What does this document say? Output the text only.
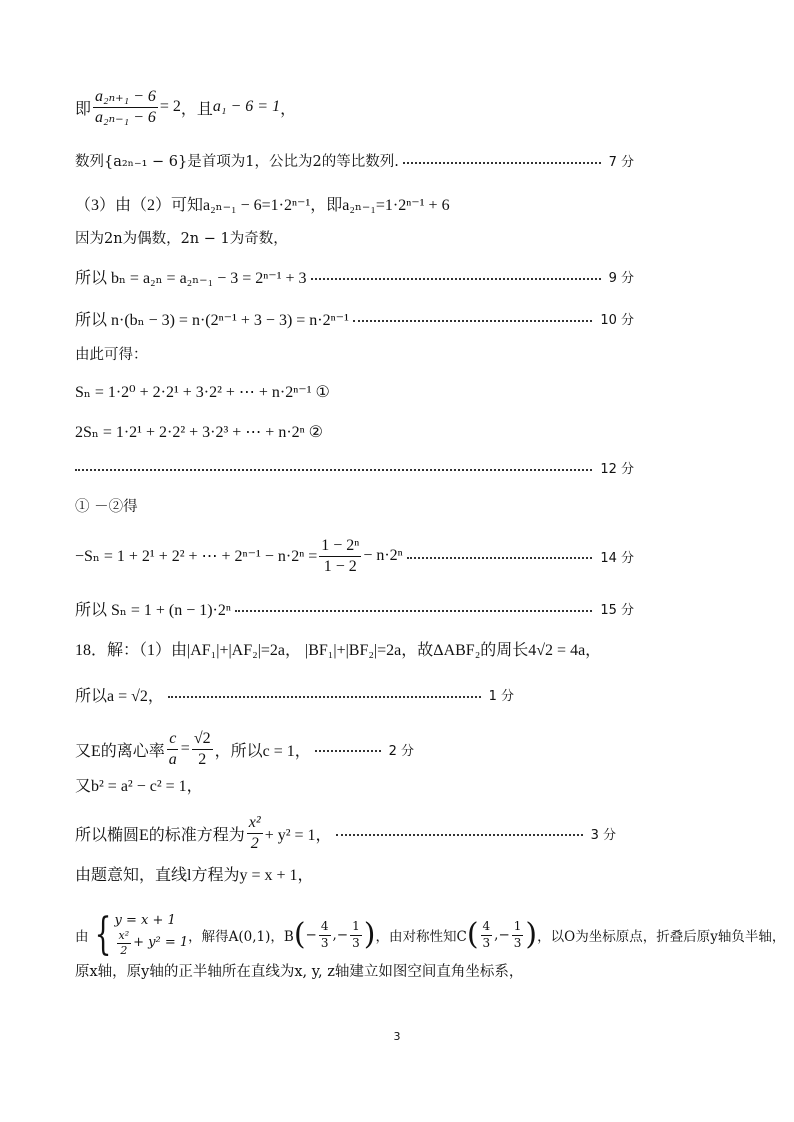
即 $\frac{\text{a₂ₙ₊₁ − 6}}{\text{a₂ₙ₋₁ − 6}} = 2$ ，且 a₁ − 6 = 1 ，
数列{a₂ₙ₋₁ − 6}是首项为1，公比为2的等比数列.	7 分
（3）由（2）可知a₂ₙ₋₁ − 6=1·2ⁿ⁻¹，即a₂ₙ₋₁=1·2ⁿ⁻¹ + 6
因为2n为偶数，2n − 1为奇数，
所以 bₙ = a₂ₙ = a₂ₙ₋₁ − 3 = 2ⁿ⁻¹ + 3	9 分
所以 n·(bₙ − 3) = n·(2ⁿ⁻¹ + 3 − 3) = n·2ⁿ⁻¹	10 分
由此可得：
Sₙ = 1·2⁰ + 2·2¹ + 3·2² + ⋯ + n·2ⁿ⁻¹ ①
2Sₙ = 1·2¹ + 2·2² + 3·2³ + ⋯ + n·2ⁿ ②
12 分
① －②得
−Sₙ = 1 + 2¹ + 2² + ⋯ + $2^{n-1} - n\cdot 2^n = \frac{\text{1 − 2ⁿ}}{1 - 2} - n\cdot 2^n$	14 分
所以 Sₙ = 1 + (n − 1)·2ⁿ	15 分
18．解：（1）由|AF₁|+|AF₂|=2a， |BF₁|+|BF₂|=2a，故ΔABF₂的周长4√2 = 4a，
所以a = √2，	1 分
又E的离心率 $\frac{c}{a} = \frac{√2}{2}$ ，所以c = 1，	2 分
又b² = a² − c² = 1，
所以椭圆E的标准方程为 $\frac{\text{x²}}{2} + y^2 = 1$，	3 分
由题意知，直线l方程为y = x + 1，
由 { y = x + 1
$\frac{\text{x²}}{2} + y^2 = 1$ ，解得A(0,1)，B ( − $\frac{4}{3}$ ,− $\frac{1}{3}$ ) ，由对称性知C ( $\frac{4}{3}$ ,− $\frac{1}{3}$ ) ，以O为坐标原点，折叠后原y轴负半轴，
原x轴，原y轴的正半轴所在直线为x, y, z轴建立如图空间直角坐标系，
3
